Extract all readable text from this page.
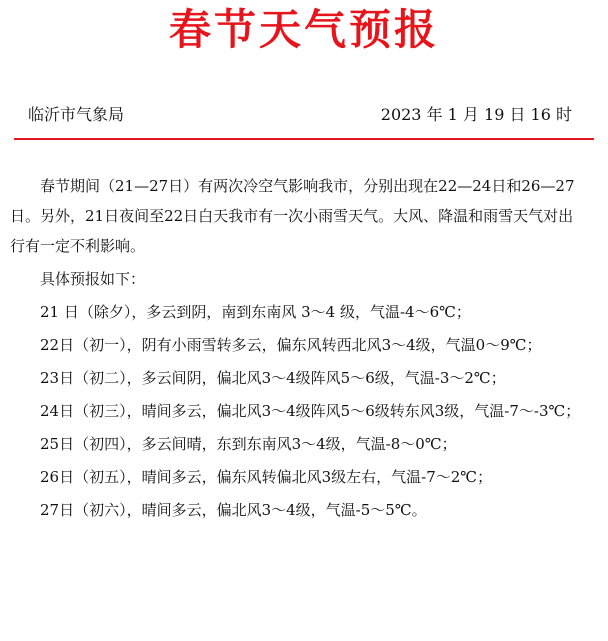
春节天气预报
临沂市气象局	2023 年 1 月 19 日 16 时

春节期间（21—27日）有两次冷空气影响我市，分别出现在22—24日和26—27日。另外，21日夜间至22日白天我市有一次小雨雪天气。大风、降温和雨雪天气对出行有一定不利影响。

具体预报如下：

21 日（除夕），多云到阴，南到东南风 3～4 级，气温-4～6℃；

22日（初一），阴有小雨雪转多云，偏东风转西北风3～4级，气温0～9℃；

23日（初二），多云间阴，偏北风3～4级阵风5～6级，气温-3～2℃；

24日（初三），晴间多云，偏北风3～4级阵风5～6级转东风3级，气温-7～-3℃；

25日（初四），多云间晴，东到东南风3～4级，气温-8～0℃；

26日（初五），晴间多云，偏东风转偏北风3级左右，气温-7～2℃；

27日（初六），晴间多云，偏北风3～4级，气温-5～5℃。
